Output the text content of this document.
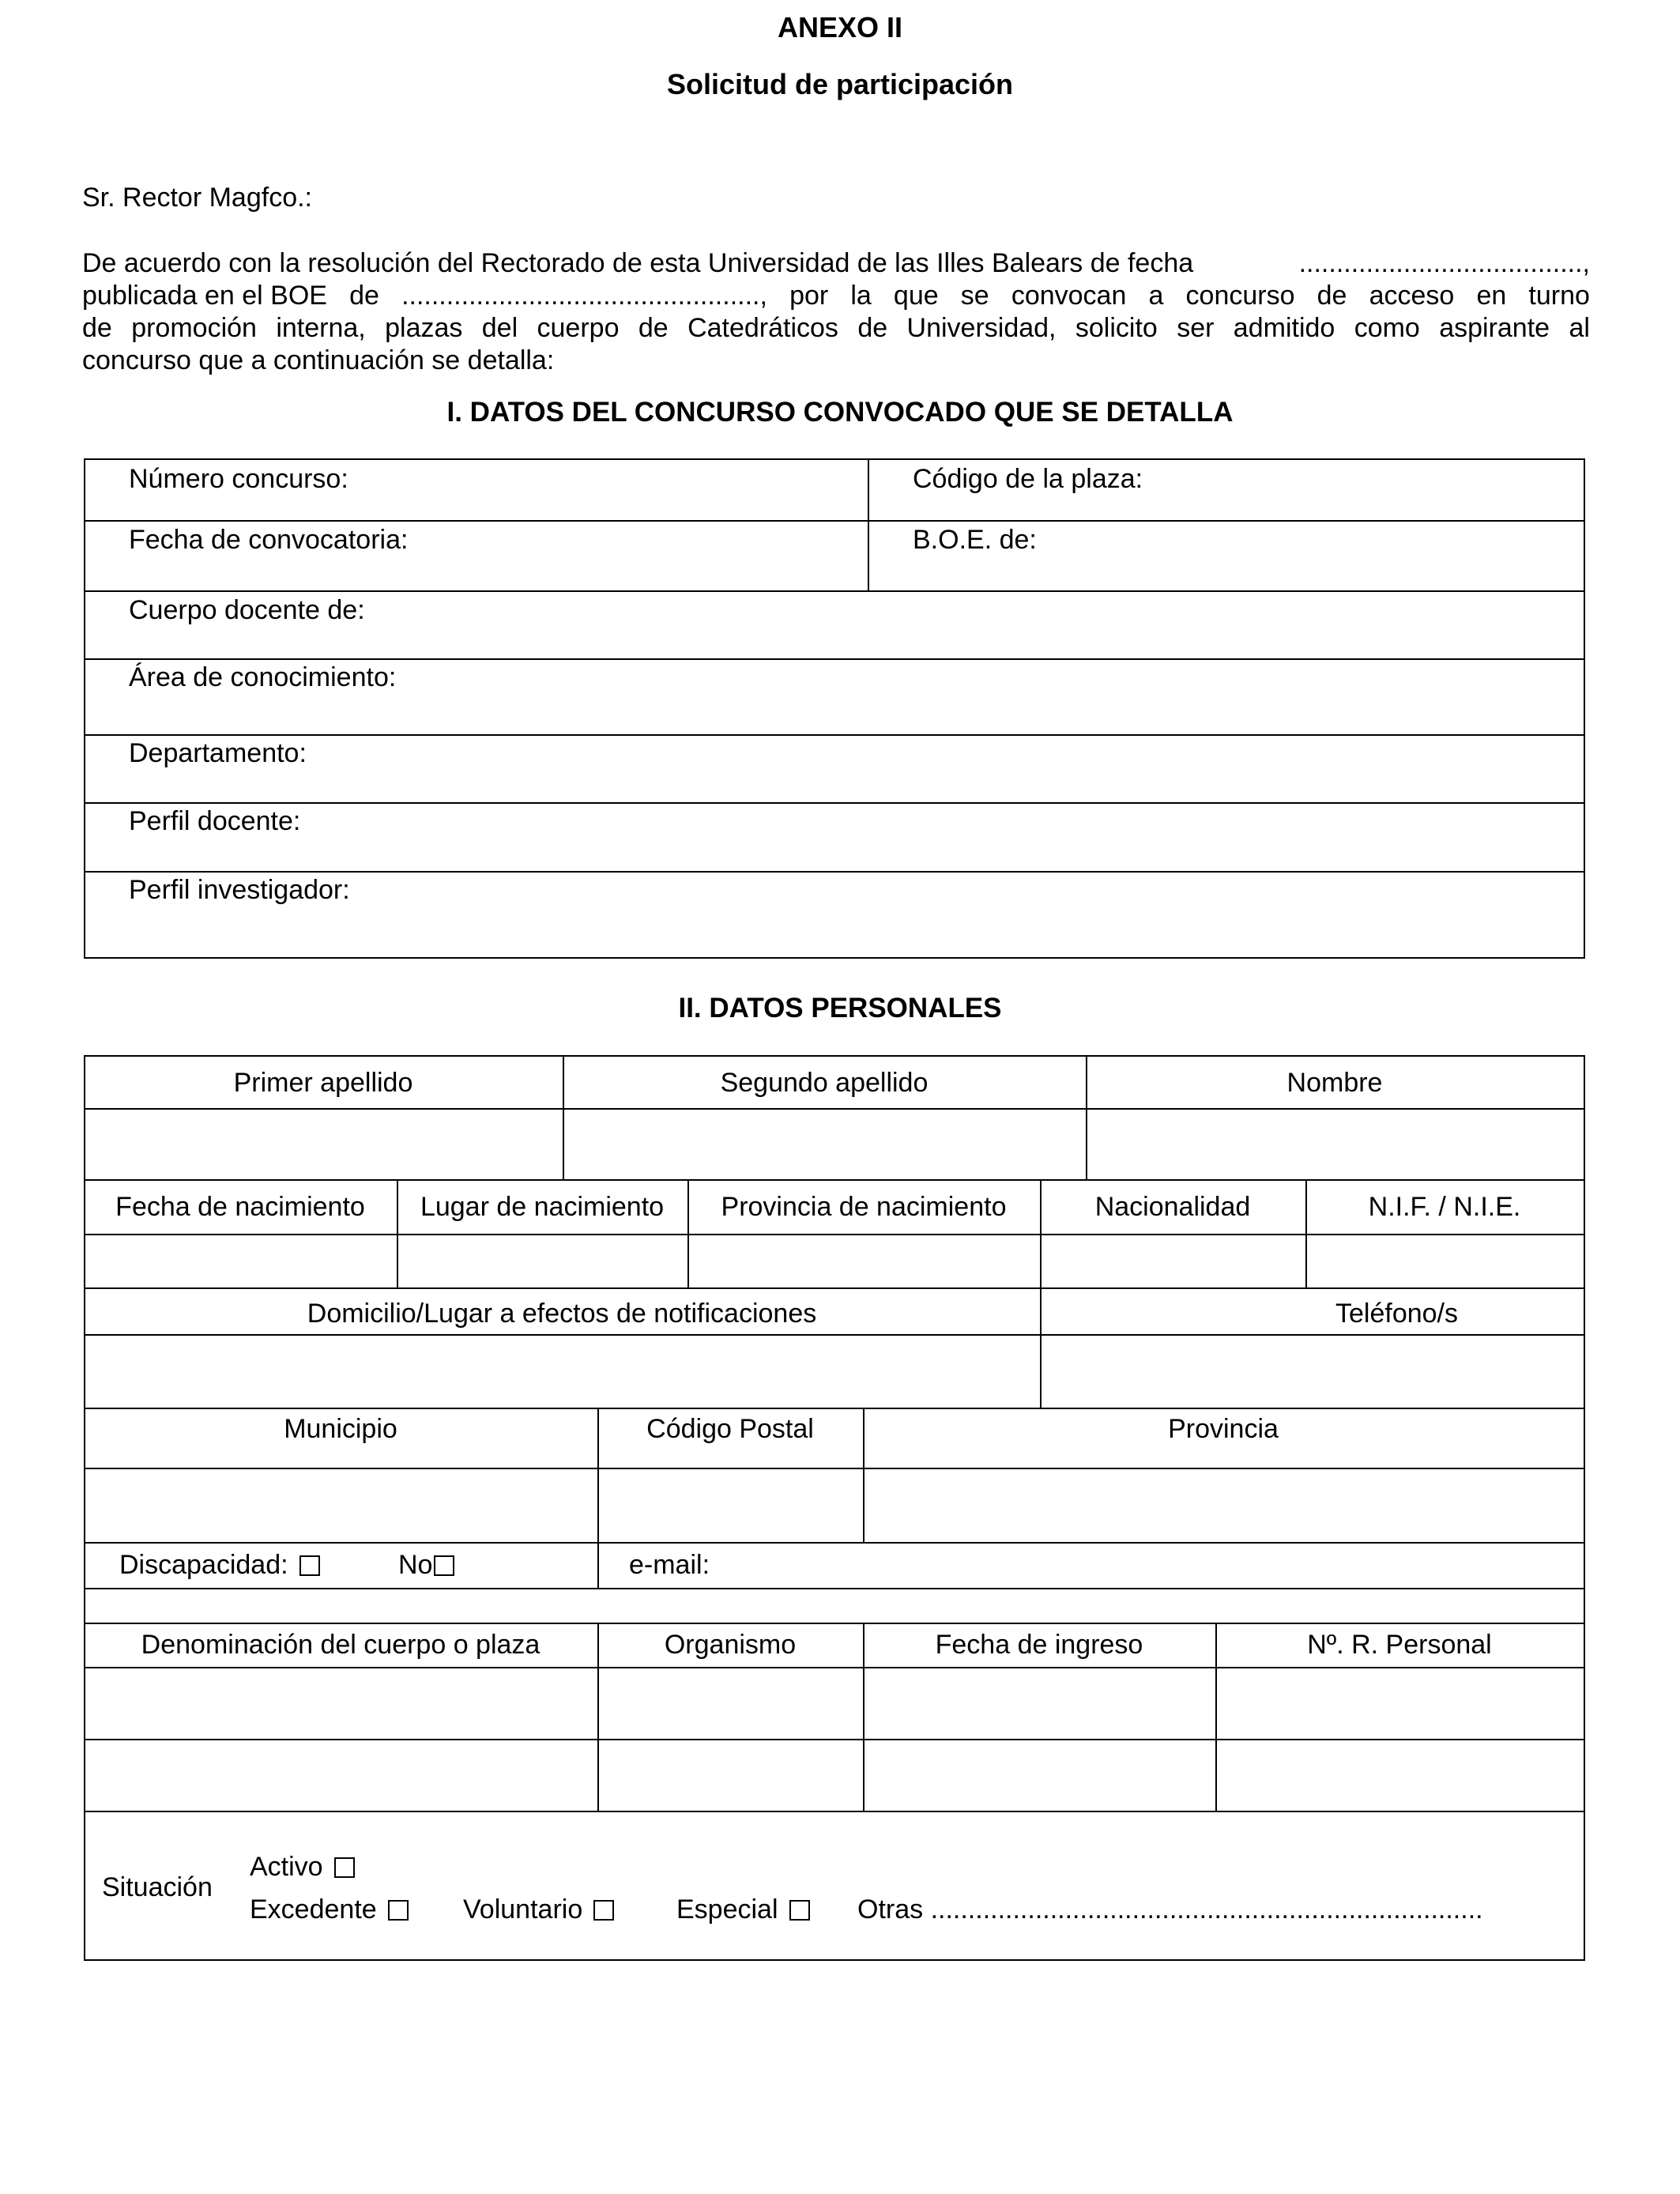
ANEXO II
Solicitud de participación
Sr. Rector Magfco.:
De acuerdo con la resolución del Rectorado de esta Universidad de las Illes Balears de fecha	......................................,
publicada en el BOE de ................................................, por la que se convocan a concurso de acceso en turno
de promoción interna, plazas del cuerpo de Catedráticos de Universidad, solicito ser admitido como aspirante al
concurso que a continuación se detalla:
I. DATOS DEL CONCURSO CONVOCADO QUE SE DETALLA
Número concurso:	Código de la plaza:
Fecha de convocatoria:	B.O.E. de:
Cuerpo docente de:
Área de conocimiento:
Departamento:
Perfil docente:
Perfil investigador:
II. DATOS PERSONALES
Primer apellido	Segundo apellido	Nombre
Fecha de nacimiento	Lugar de nacimiento	Provincia de nacimiento	Nacionalidad	N.I.F. / N.I.E.
Domicilio/Lugar a efectos de notificaciones	Teléfono/s
Municipio	Código Postal	Provincia
Discapacidad:	No	e-mail:
Denominación del cuerpo o plaza	Organismo	Fecha de ingreso	Nº. R. Personal
Situación
Activo
Excedente	Voluntario	Especial	Otras ..........................................................................
